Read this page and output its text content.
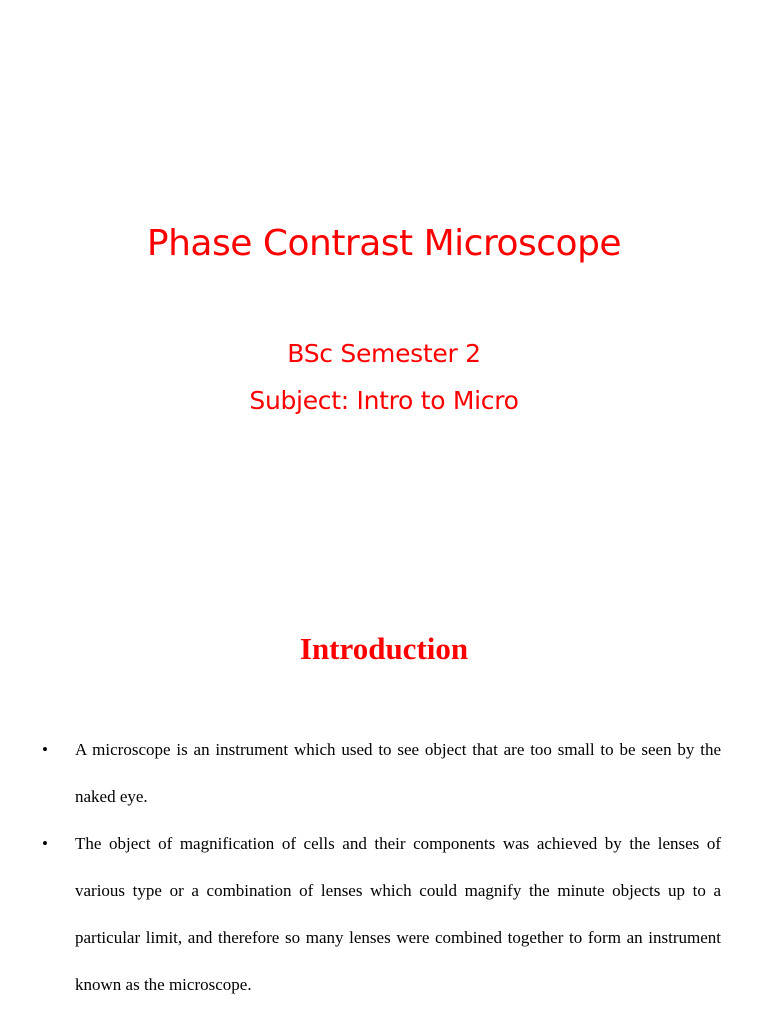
Phase Contrast Microscope
BSc Semester 2
Subject: Intro to Micro
Introduction
• A microscope is an instrument which used to see object that are too small to be seen by the naked eye.
• The object of magnification of cells and their components was achieved by the lenses of various type or a combination of lenses which could magnify the minute objects up to a particular limit, and therefore so many lenses were combined together to form an instrument known as the microscope.
